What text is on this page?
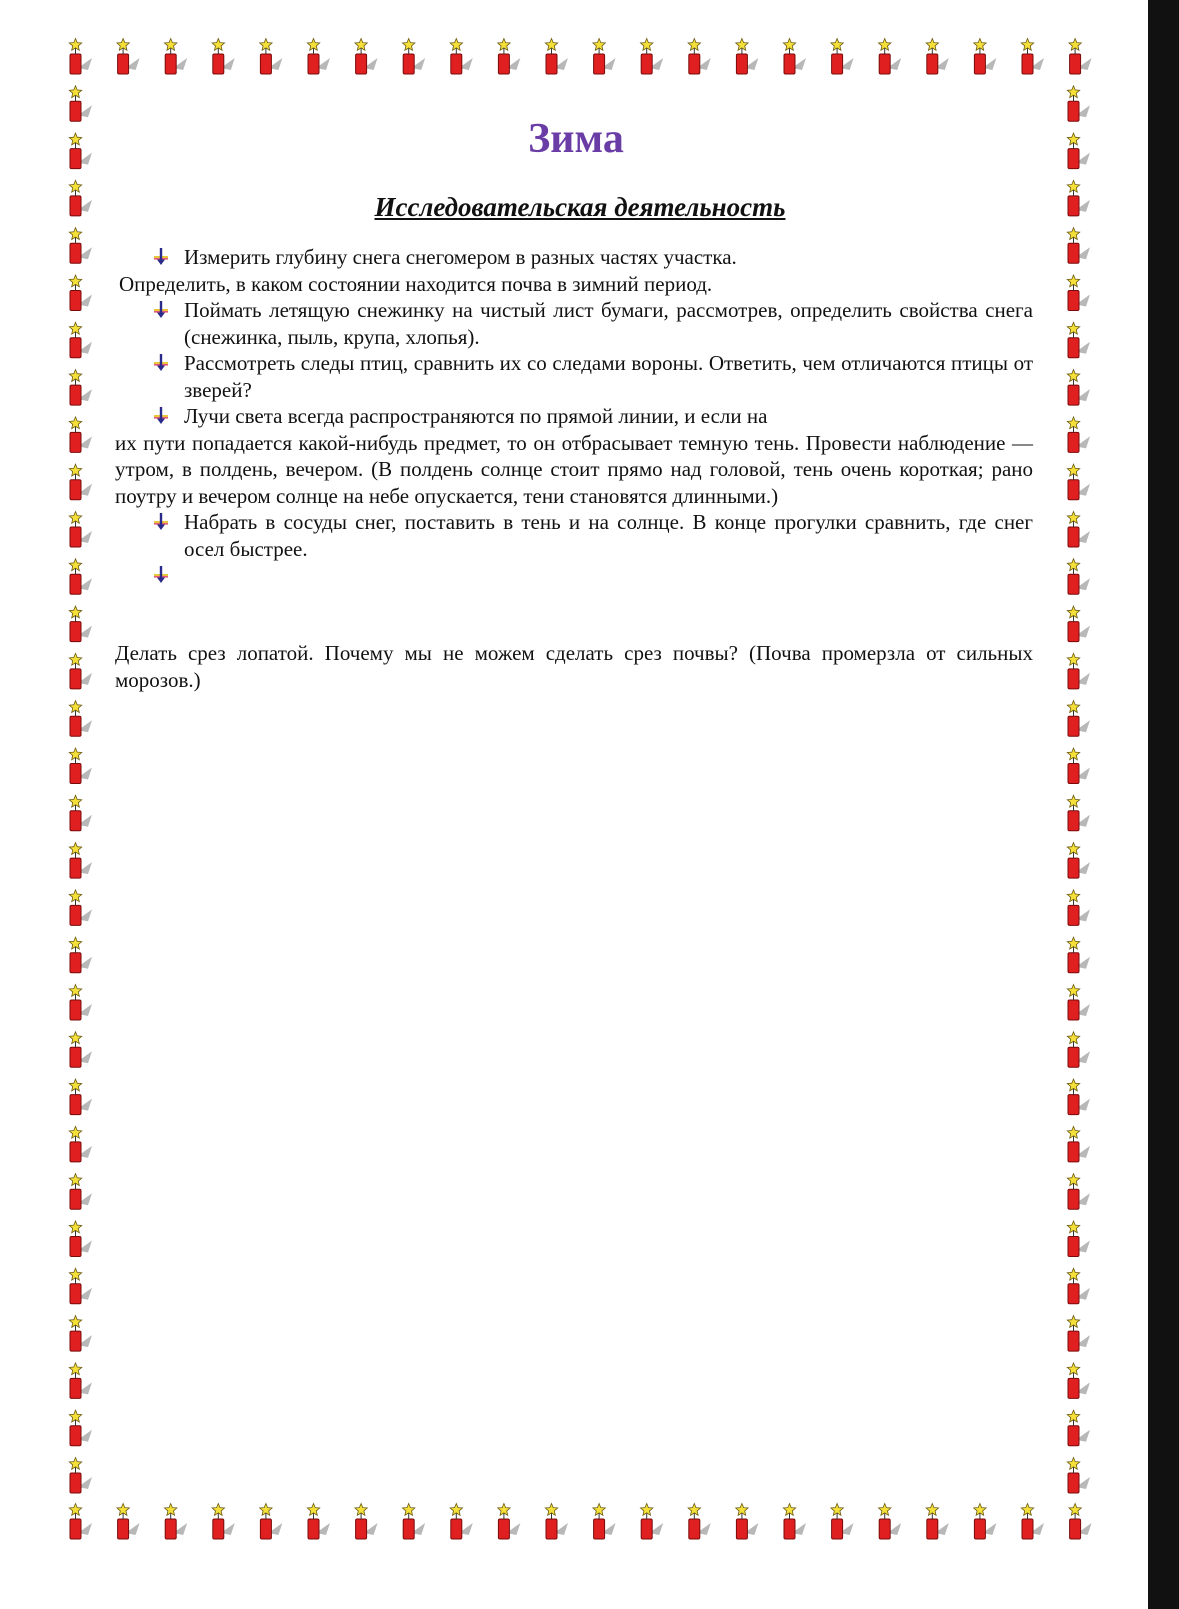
Зима
Исследовательская деятельность

Измерить глубину снега снегомером в разных частях участка.

Определить, в каком состоянии находится почва в зимний период.

Поймать летящую снежинку на чистый лист бумаги, рассмотрев, определить свойства снега (снежинка, пыль, крупа, хлопья).

Рассмотреть следы птиц, сравнить их со следами вороны. Ответить, чем отличаются птицы от зверей?

Лучи света всегда распространяются по прямой линии, и если на

их пути попадается какой-нибудь предмет, то он отбрасывает темную тень. Провести наблюдение — утром, в полдень, вечером. (В полдень солнце стоит прямо над головой, тень очень короткая; рано поутру и вечером солнце на небе опускается, тени становятся длинными.)

Набрать в сосуды снег, поставить в тень и на солнце. В конце прогулки сравнить, где снег осел быстрее.

Делать срез лопатой. Почему мы не можем сделать срез почвы? (Почва промерзла от сильных морозов.)
